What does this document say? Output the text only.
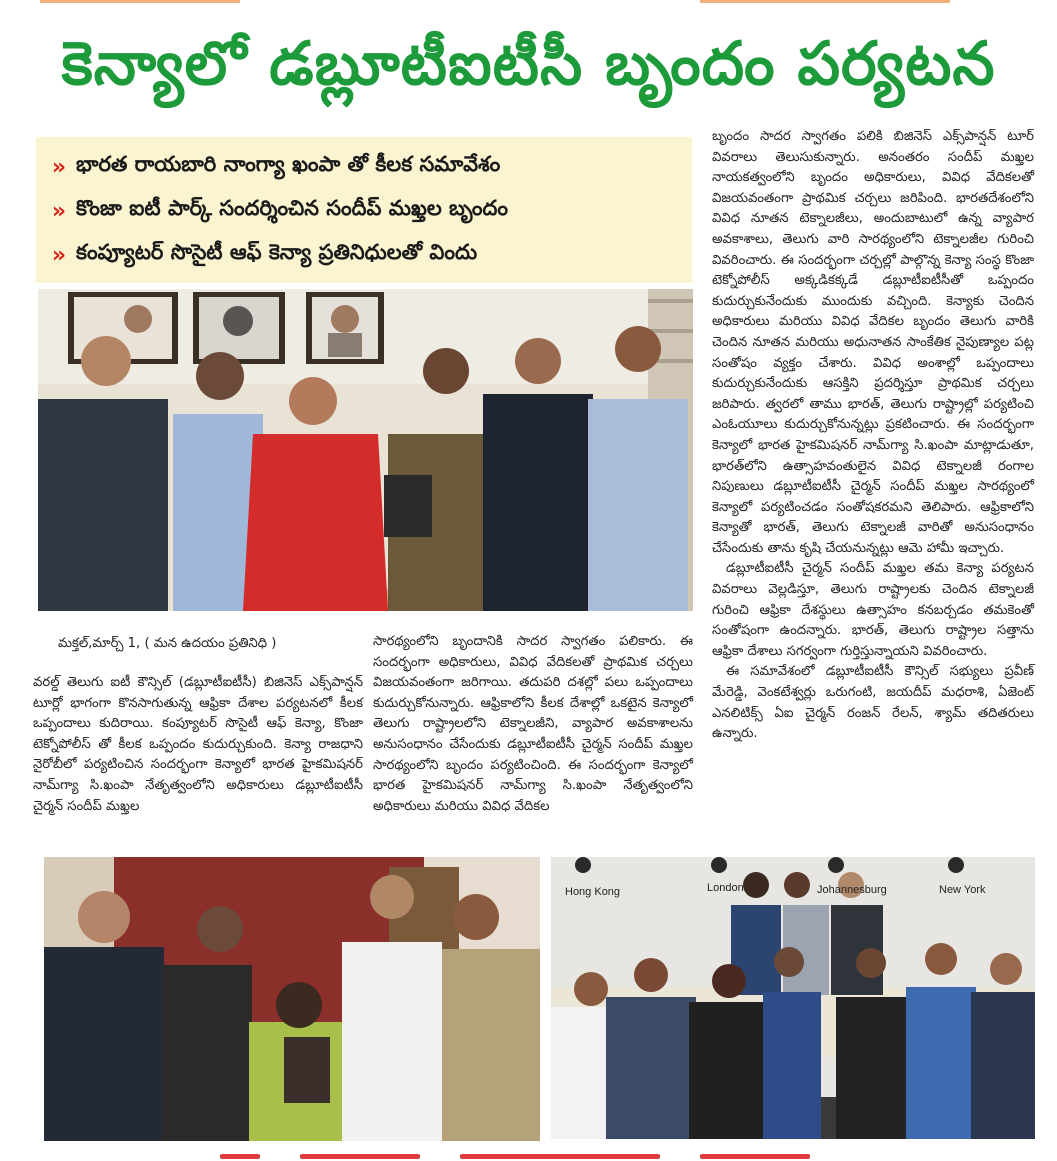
కెన్యాలో డబ్లూటీఐటీసీ బృందం పర్యటన
» భారత రాయబారి నాంగ్యా ఖంపా తో కీలక సమావేశం
» కొంజా ఐటీ పార్క్ సందర్శించిన సందీప్ మఖ్తల బృందం
» కంప్యూటర్ సొసైటీ ఆఫ్ కెన్యా ప్రతినిధులతో విందు
మక్తల్,మార్చ్ 1, ( మన ఉదయం ప్రతినిధి )

వరల్డ్ తెలుగు ఐటీ కౌన్సిల్ (డబ్లూటీఐటీసీ) బిజినెస్ ఎక్స్‌పాన్షన్ టూర్లో భాగంగా కొనసాగుతున్న ఆఫ్రికా దేశాల పర్యటనలో కీలక ఒప్పందాలు కుదిరాయి. కంప్యూటర్ సొసైటీ ఆఫ్ కెన్యా, కొంజా టెక్నోపోలీస్ తో కీలక ఒప్పందం కుదుర్చుకుంది. కెన్యా రాజధాని నైరోబీలో పర్యటించిన సందర్భంగా కెన్యాలో భారత హైకమిషనర్ నామ్‌గ్యా సి.ఖంపా నేతృత్వంలోని అధికారులు డబ్లూటీఐటీసీ చైర్మన్ సందీప్ మఖ్తల

సారథ్యంలోని బృందానికి సాదర స్వాగతం పలికారు. ఈ సందర్భంగా అధికారులు, వివిధ వేదికలతో ప్రాథమిక చర్చలు విజయవంతంగా జరిగాయి. తదుపరి దశల్లో పలు ఒప్పందాలు కుదుర్చుకోనున్నారు. ఆఫ్రికాలోని కీలక దేశాల్లో ఒకటైన కెన్యాలో తెలుగు రాష్ట్రాలలోని టెక్నాలజీని, వ్యాపార అవకాశాలను అనుసంధానం చేసేందుకు డబ్లూటీఐటీసీ చైర్మన్ సందీప్ మఖ్తల సారథ్యంలోని బృందం పర్యటించింది. ఈ సందర్భంగా కెన్యాలో భారత హైకమిషనర్ నామ్‌గ్యా సి.ఖంపా నేతృత్వంలోని అధికారులు మరియు వివిధ వేదికల

బృందం సాదర స్వాగతం పలికి బిజినెస్ ఎక్స్‌పాన్షన్ టూర్ వివరాలు తెలుసుకున్నారు. అనంతరం సందీప్ మఖ్తల నాయకత్వంలోని బృందం అధికారులు, వివిధ వేదికలతో విజయవంతంగా ప్రాథమిక చర్చలు జరిపింది. భారతదేశంలోని వివిధ నూతన టెక్నాలజీలు, అందుబాటులో ఉన్న వ్యాపార అవకాశాలు, తెలుగు వారి సారథ్యంలోని టెక్నాలజీల గురించి వివరించారు. ఈ సందర్భంగా చర్చల్లో పాల్గొన్న కెన్యా సంస్థ కొంజా టెక్నోపోలీస్ అక్కడికక్కడే డబ్లూటీఐటీసీతో ఒప్పందం కుదుర్చుకునేందుకు ముందుకు వచ్చింది. కెన్యాకు చెందిన అధికారులు మరియు వివిధ వేదికల బృందం తెలుగు వారికి చెందిన నూతన మరియు అధునాతన సాంకేతిక నైపుణ్యాల పట్ల సంతోషం వ్యక్తం చేశారు. వివిధ అంశాల్లో ఒప్పందాలు కుదుర్చుకునేందుకు ఆసక్తిని ప్రదర్శిస్తూ ప్రాథమిక చర్చలు జరిపారు. త్వరలో తాము భారత్, తెలుగు రాష్ట్రాల్లో పర్యటించి ఎంఓయూలు కుదుర్చుకోనున్నట్లు ప్రకటించారు. ఈ సందర్భంగా కెన్యాలో భారత హైకమిషనర్ నామ్‌గ్యా సి.ఖంపా మాట్లాడుతూ, భారత్‌లోని ఉత్సాహవంతులైన వివిధ టెక్నాలజీ రంగాల నిపుణులు డబ్లూటీఐటీసీ చైర్మన్ సందీప్ మఖ్తల సారథ్యంలో కెన్యాలో పర్యటించడం సంతోషకరమని తెలిపారు. ఆఫ్రికాలోని కెన్యాతో భారత్, తెలుగు టెక్నాలజీ వారితో అనుసంధానం చేసేందుకు తాను కృషి చేయనున్నట్లు ఆమె హామీ ఇచ్చారు.

డబ్లూటీఐటీసీ చైర్మన్ సందీప్ మఖ్తల తమ కెన్యా పర్యటన వివరాలు వెల్లడిస్తూ, తెలుగు రాష్ట్రాలకు చెందిన టెక్నాలజీ గురించి ఆఫ్రికా దేశస్థులు ఉత్సాహం కనబర్చడం తమకెంతో సంతోషంగా ఉందన్నారు. భారత్, తెలుగు రాష్ట్రాల సత్తాను ఆఫ్రికా దేశాలు సగర్వంగా గుర్తిస్తున్నాయని వివరించారు.

ఈ సమావేశంలో డబ్లూటీఐటీసీ కౌన్సిల్ సభ్యులు ప్రవీణ్ మేరెడ్డి, వెంకటేశ్వర్లు ఒరుగంటి, జయదీప్ మధరాశి, ఏజెంట్ ఎనలిటిక్స్ ఏఐ చైర్మన్ రంజన్ రేలన్, శ్యామ్ తదితరులు ఉన్నారు.

Hong Kong	London	Johannesburg	New York
